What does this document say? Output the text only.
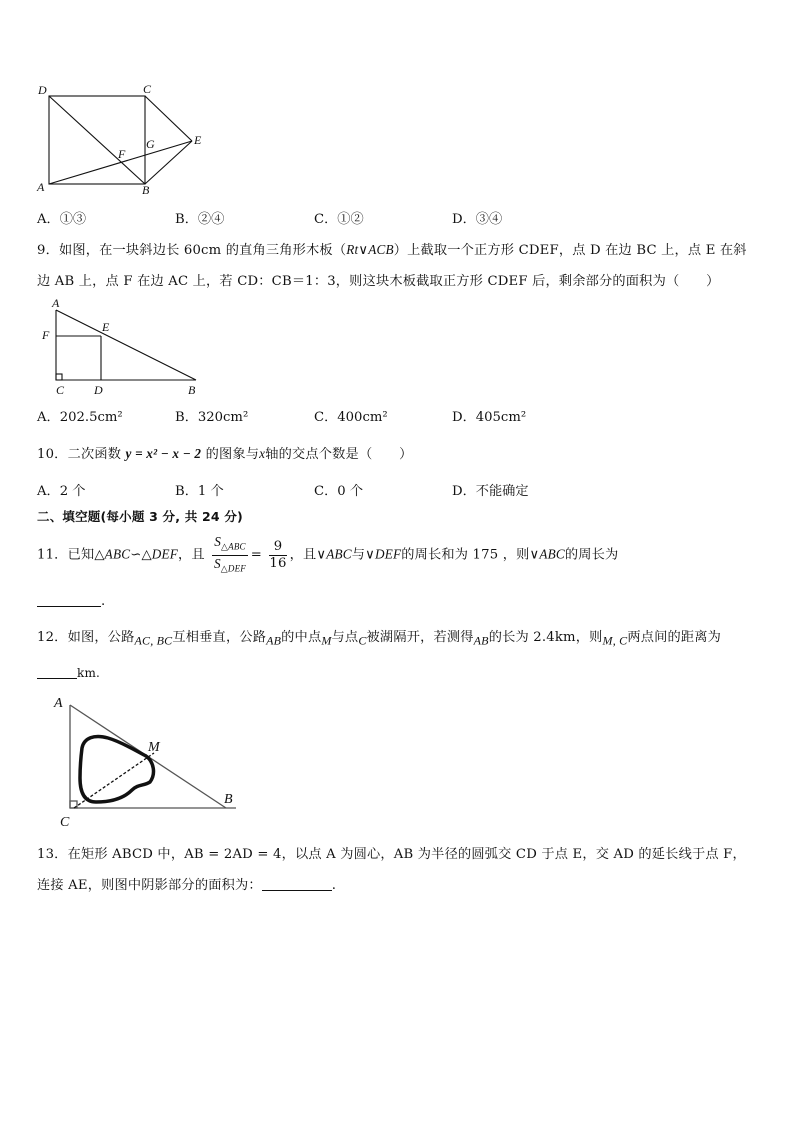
D	C
E
F
G
A	B
A．①③	B．②④	C．①②	D．③④
9．如图，在一块斜边长 60cm 的直角三角形木板（Rt∨ACB）上截取一个正方形 CDEF，点 D 在边 BC 上，点 E 在斜
边 AB 上，点 F 在边 AC 上，若 CD：CB＝1：3，则这块木板截取正方形 CDEF 后，剩余部分的面积为（　　）
A
F
E
C D	B
A．202.5cm²	B．320cm²	C．400cm²	D．405cm²
10．二次函数 y = x² − x − 2 的图象与x轴的交点个数是（　　）
A．2 个	B．1 个	C．0 个	D．不能确定
二、填空题(每小题 3 分, 共 24 分)
11．已知△ABC∽△DEF，且 $\frac{S_{\triangle ABC}}{S_{\triangle DEF}} = \frac{9}{16}$ ，且∨ABC与∨DEF的周长和为 175 ，则∨ABC的周长为
.
12．如图，公路$_{AC, BC}$互相垂直，公路$_{AB}$的中点$_M$与点$_C$被湖隔开，若测得$_{AB}$的长为 2.4km，则$_{M, C}$两点间的距离为
km.
A
M
B
C
13．在矩形 ABCD 中，AB = 2AD = 4，以点 A 为圆心，AB 为半径的圆弧交 CD 于点 E，交 AD 的延长线于点 F，
连接 AE，则图中阴影部分的面积为：	.
